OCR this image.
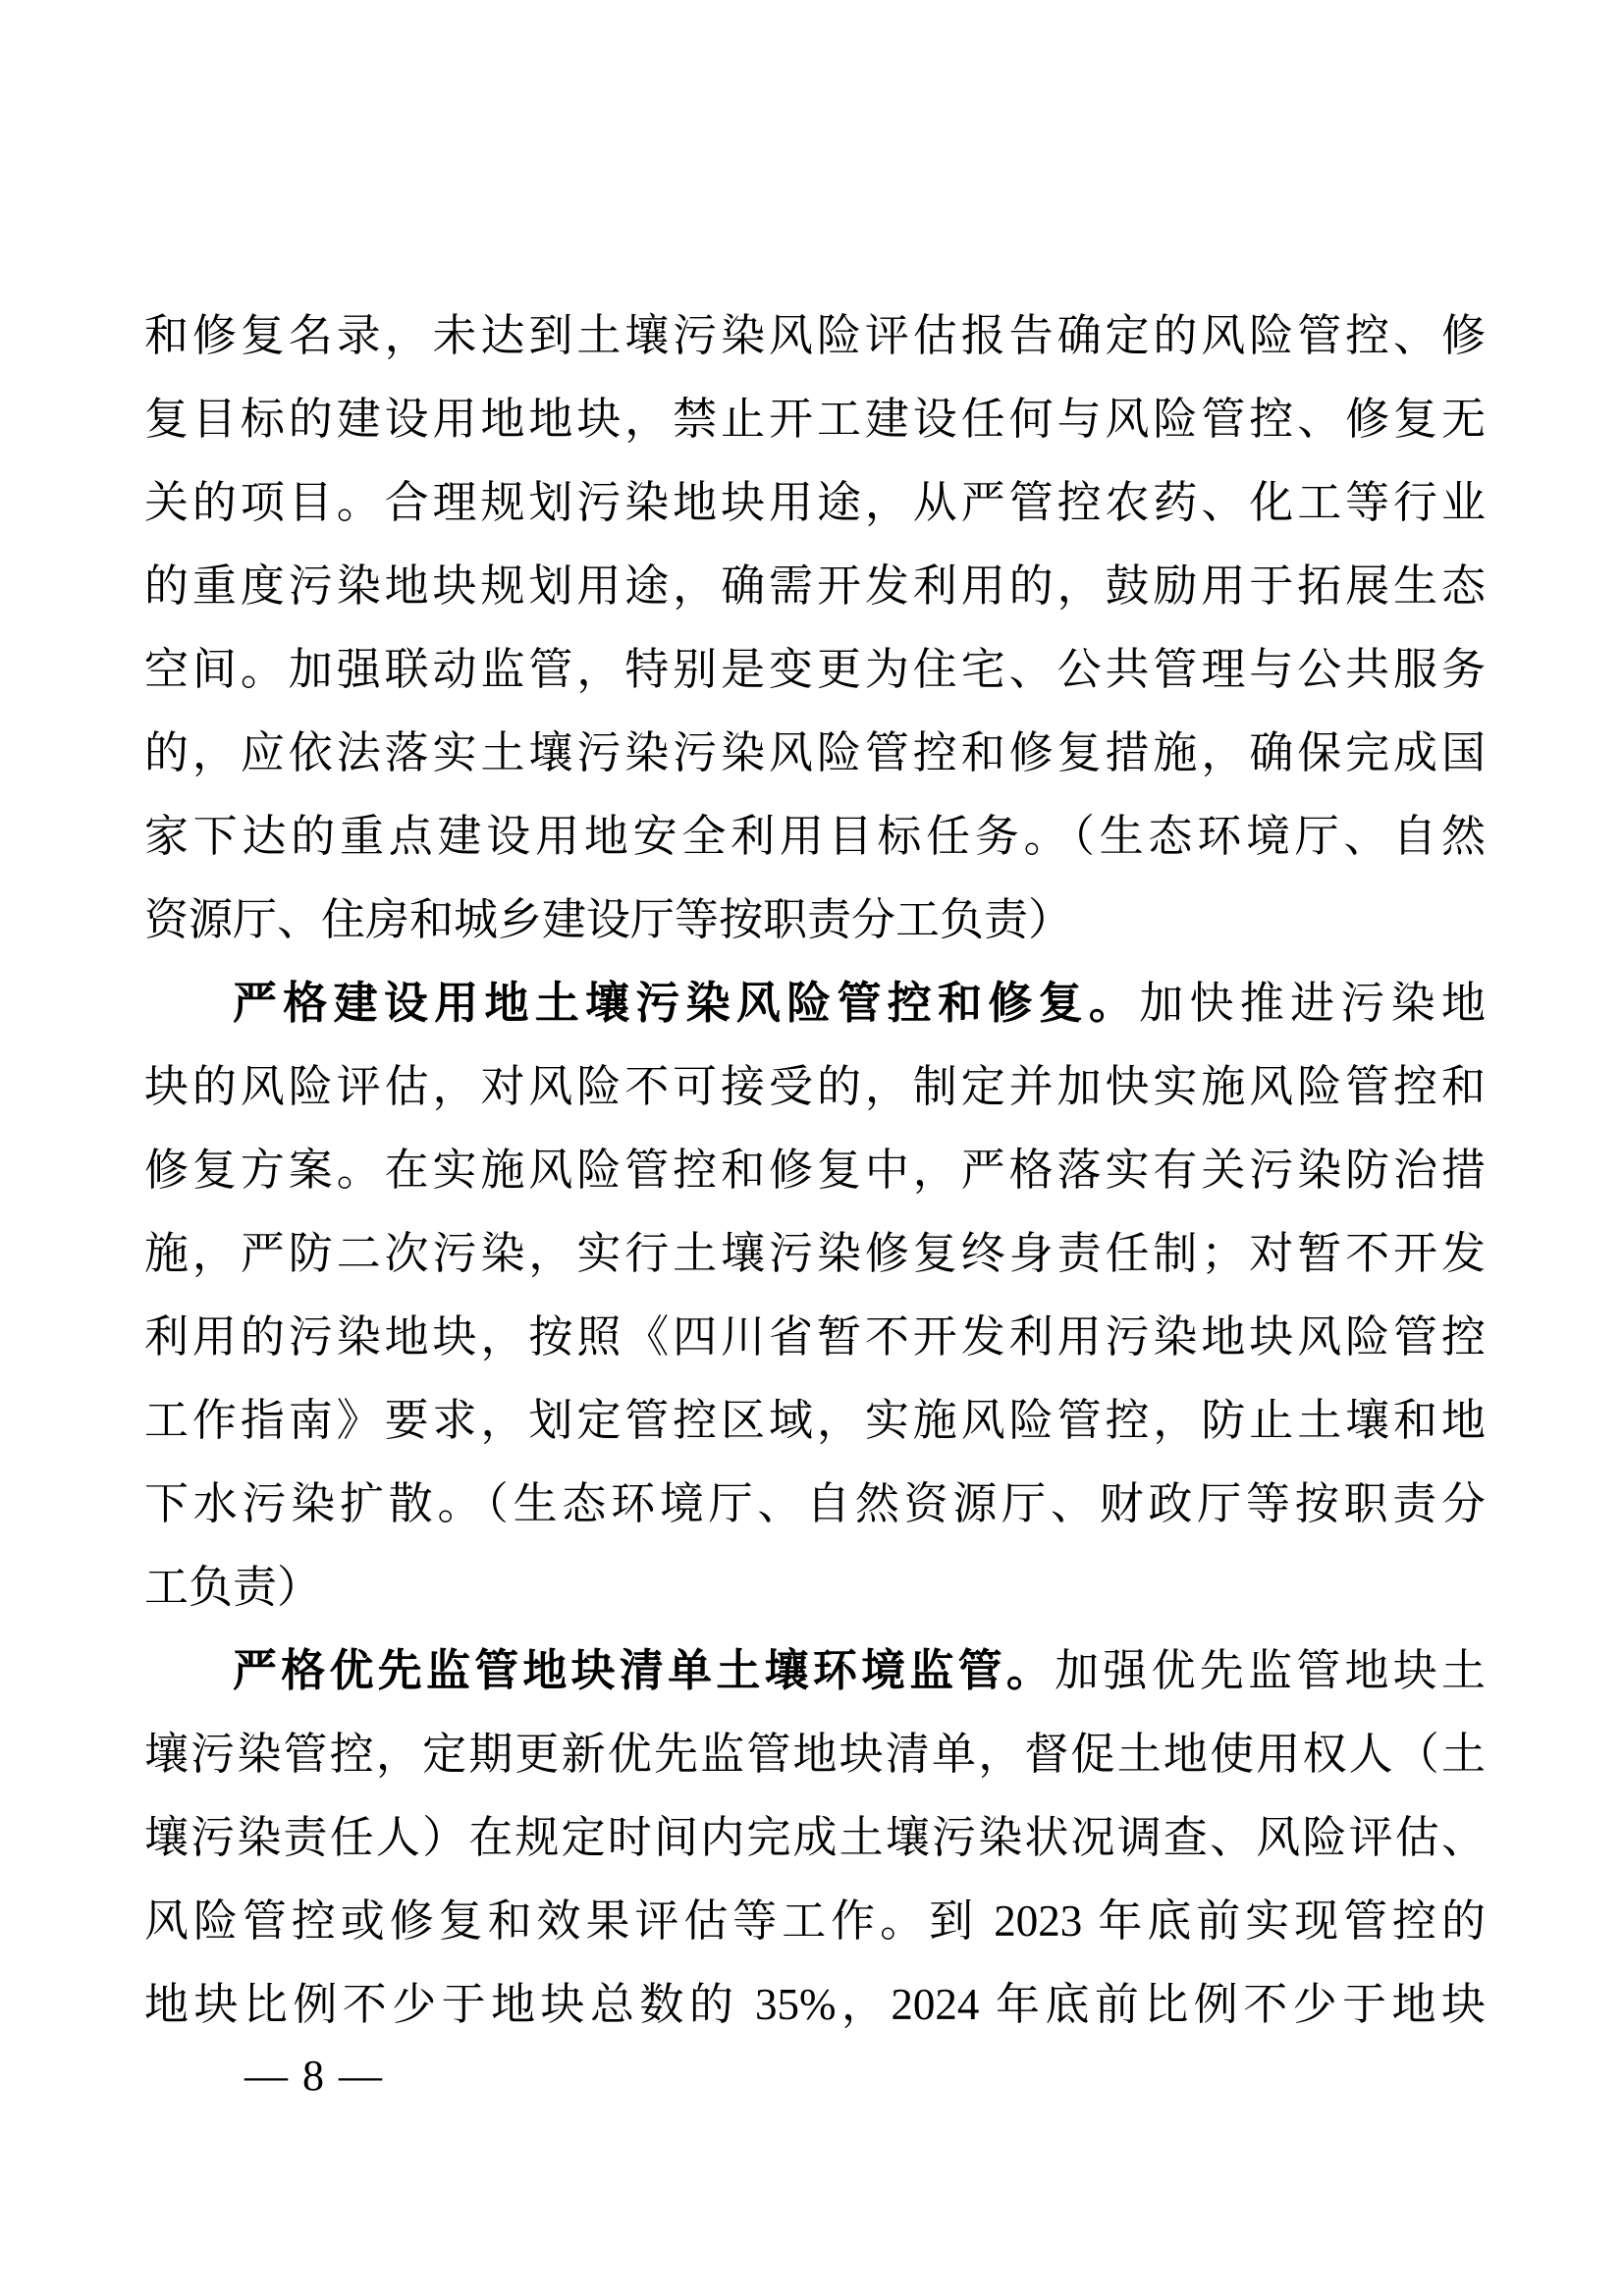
和修复名录，未达到土壤污染风险评估报告确定的风险管控、修
复目标的建设用地地块，禁止开工建设任何与风险管控、修复无
关的项目。合理规划污染地块用途，从严管控农药、化工等行业
的重度污染地块规划用途，确需开发利用的，鼓励用于拓展生态
空间。加强联动监管，特别是变更为住宅、公共管理与公共服务
的，应依法落实土壤污染污染风险管控和修复措施，确保完成国
家下达的重点建设用地安全利用目标任务。（生态环境厅、自然
资源厅、住房和城乡建设厅等按职责分工负责）
严格建设用地土壤污染风险管控和修复。加快推进污染地
块的风险评估，对风险不可接受的，制定并加快实施风险管控和
修复方案。在实施风险管控和修复中，严格落实有关污染防治措
施，严防二次污染，实行土壤污染修复终身责任制；对暂不开发
利用的污染地块，按照《四川省暂不开发利用污染地块风险管控
工作指南》要求，划定管控区域，实施风险管控，防止土壤和地
下水污染扩散。（生态环境厅、自然资源厅、财政厅等按职责分
工负责）
严格优先监管地块清单土壤环境监管。加强优先监管地块土
壤污染管控，定期更新优先监管地块清单，督促土地使用权人（土
壤污染责任人）在规定时间内完成土壤污染状况调查、风险评估、
风险管控或修复和效果评估等工作。到 2023 年底前实现管控的
地块比例不少于地块总数的 35%，2024 年底前比例不少于地块
— 8 —
